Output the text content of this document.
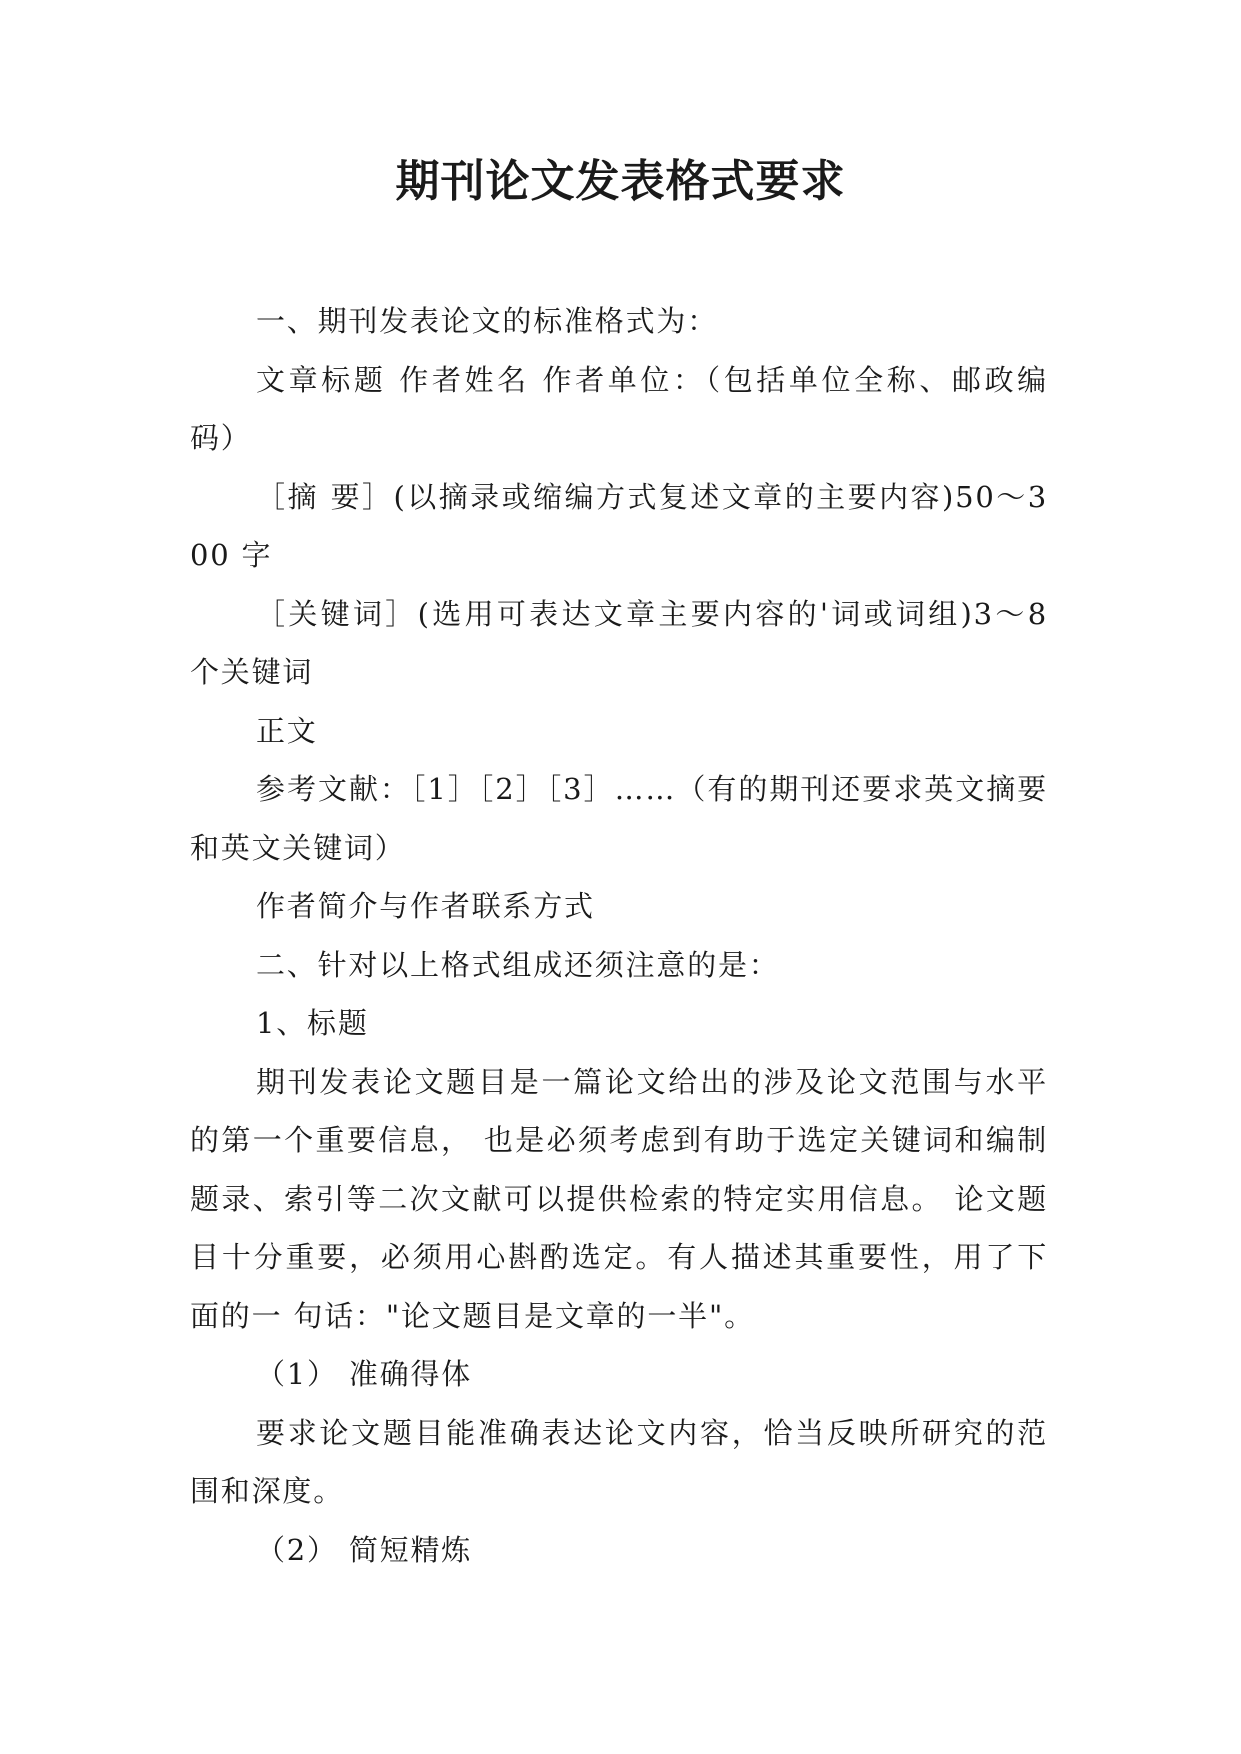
期刊论文发表格式要求

一、期刊发表论文的标准格式为：

文章标题 作者姓名 作者单位：（包括单位全称、邮政编码）

［摘 要］(以摘录或缩编方式复述文章的主要内容)50～300 字

［关键词］(选用可表达文章主要内容的'词或词组)3～8 个关键词

正文

参考文献：［1］［2］［3］……（有的期刊还要求英文摘要和英文关键词）

作者简介与作者联系方式

二、针对以上格式组成还须注意的是：

1、标题

期刊发表论文题目是一篇论文给出的涉及论文范围与水平的第一个重要信息， 也是必须考虑到有助于选定关键词和编制题录、索引等二次文献可以提供检索的特定实用信息。 论文题目十分重要，必须用心斟酌选定。有人描述其重要性，用了下面的一 句话："论文题目是文章的一半"。

（1） 准确得体

要求论文题目能准确表达论文内容，恰当反映所研究的范围和深度。

（2） 简短精炼
